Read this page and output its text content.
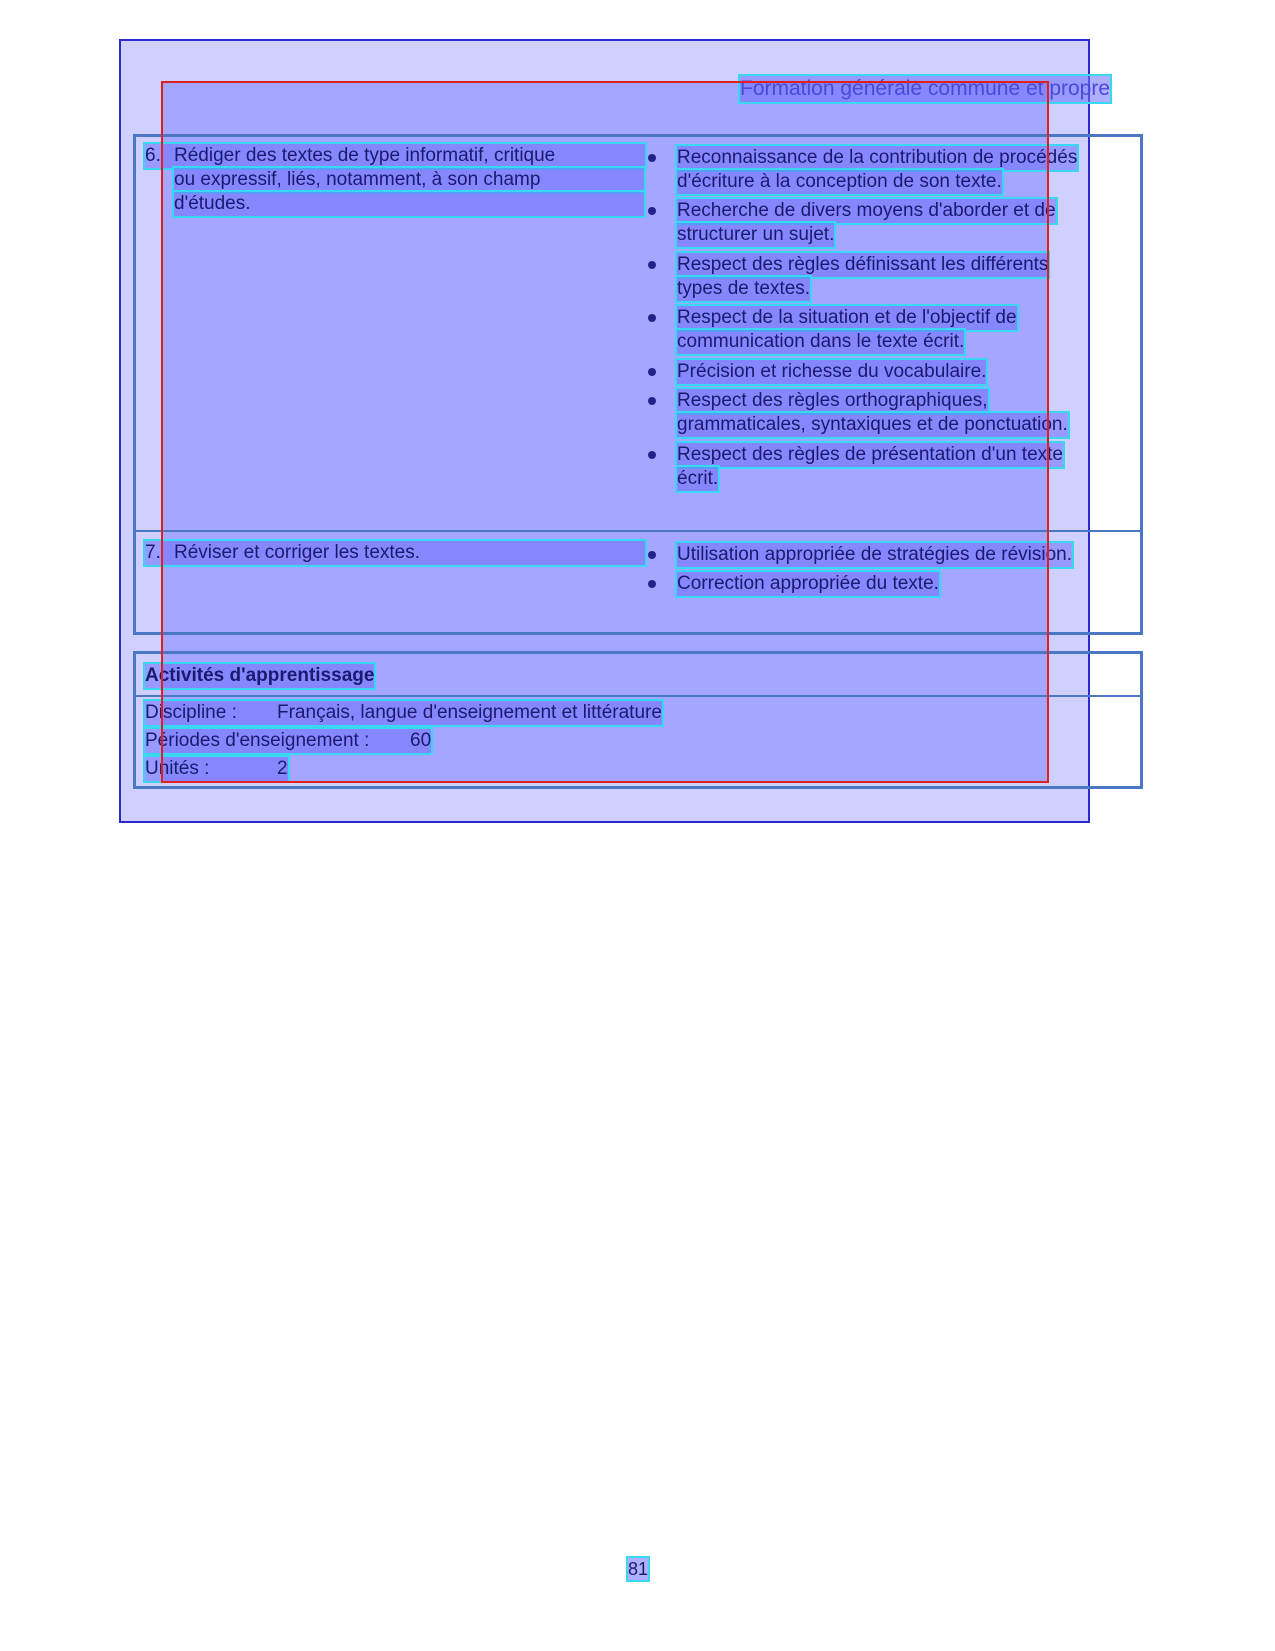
Formation générale commune et propre
6. Rédiger des textes de type informatif, critique
ou expressif, liés, notamment, à son champ
d'études.
Reconnaissance de la contribution de procédés
d'écriture à la conception de son texte.
Recherche de divers moyens d'aborder et de
structurer un sujet.
Respect des règles définissant les différents
types de textes.
Respect de la situation et de l'objectif de
communication dans le texte écrit.
Précision et richesse du vocabulaire.
Respect des règles orthographiques,
grammaticales, syntaxiques et de ponctuation.
Respect des règles de présentation d'un texte
écrit.
7. Réviser et corriger les textes.	Utilisation appropriée de stratégies de révision.
Correction appropriée du texte.
Activités d'apprentissage
Discipline : Français, langue d'enseignement et littérature
Périodes d'enseignement : 60
Unités :	2
81
